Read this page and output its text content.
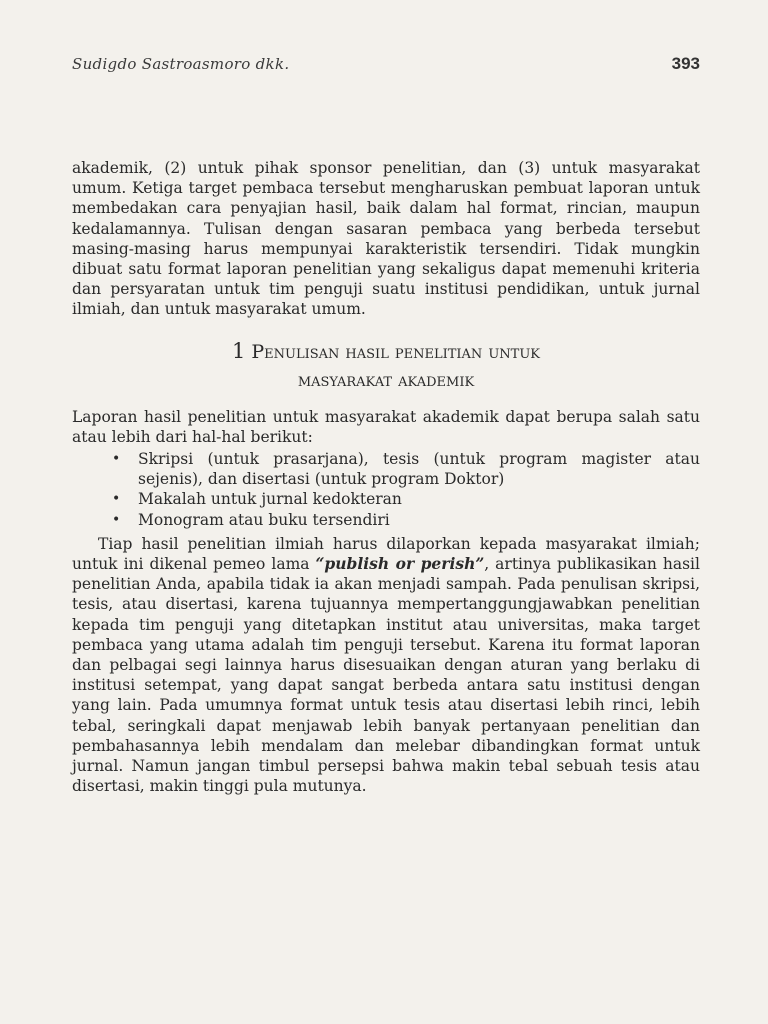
Sudigdo Sastroasmoro dkk.	393

akademik, (2) untuk pihak sponsor penelitian, dan (3) untuk masyarakat umum. Ketiga target pembaca tersebut mengharuskan pembuat laporan untuk membedakan cara penyajian hasil, baik dalam hal format, rincian, maupun kedalamannya. Tulisan dengan sasaran pembaca yang berbeda tersebut masing-masing harus mempunyai karakteristik tersendiri. Tidak mungkin dibuat satu format laporan penelitian yang sekaligus dapat memenuhi kriteria dan persyaratan untuk tim penguji suatu institusi pendidikan, untuk jurnal ilmiah, dan untuk masyarakat umum.

1 Penulisan hasil penelitian untuk
masyarakat akademik

Laporan hasil penelitian untuk masyarakat akademik dapat berupa salah satu atau lebih dari hal-hal berikut:

• Skripsi (untuk prasarjana), tesis (untuk program magister atau sejenis), dan disertasi (untuk program Doktor)
• Makalah untuk jurnal kedokteran
• Monogram atau buku tersendiri

Tiap hasil penelitian ilmiah harus dilaporkan kepada masyarakat ilmiah; untuk ini dikenal pemeo lama “publish or perish”, artinya publikasikan hasil penelitian Anda, apabila tidak ia akan menjadi sampah. Pada penulisan skripsi, tesis, atau disertasi, karena tujuannya mempertanggungjawabkan penelitian kepada tim penguji yang ditetapkan institut atau universitas, maka target pembaca yang utama adalah tim penguji tersebut. Karena itu format laporan dan pelbagai segi lainnya harus disesuaikan dengan aturan yang berlaku di institusi setempat, yang dapat sangat berbeda antara satu institusi dengan yang lain. Pada umumnya format untuk tesis atau disertasi lebih rinci, lebih tebal, seringkali dapat menjawab lebih banyak pertanyaan penelitian dan pembahasannya lebih mendalam dan melebar dibandingkan format untuk jurnal. Namun jangan timbul persepsi bahwa makin tebal sebuah tesis atau disertasi, makin tinggi pula mutunya.
